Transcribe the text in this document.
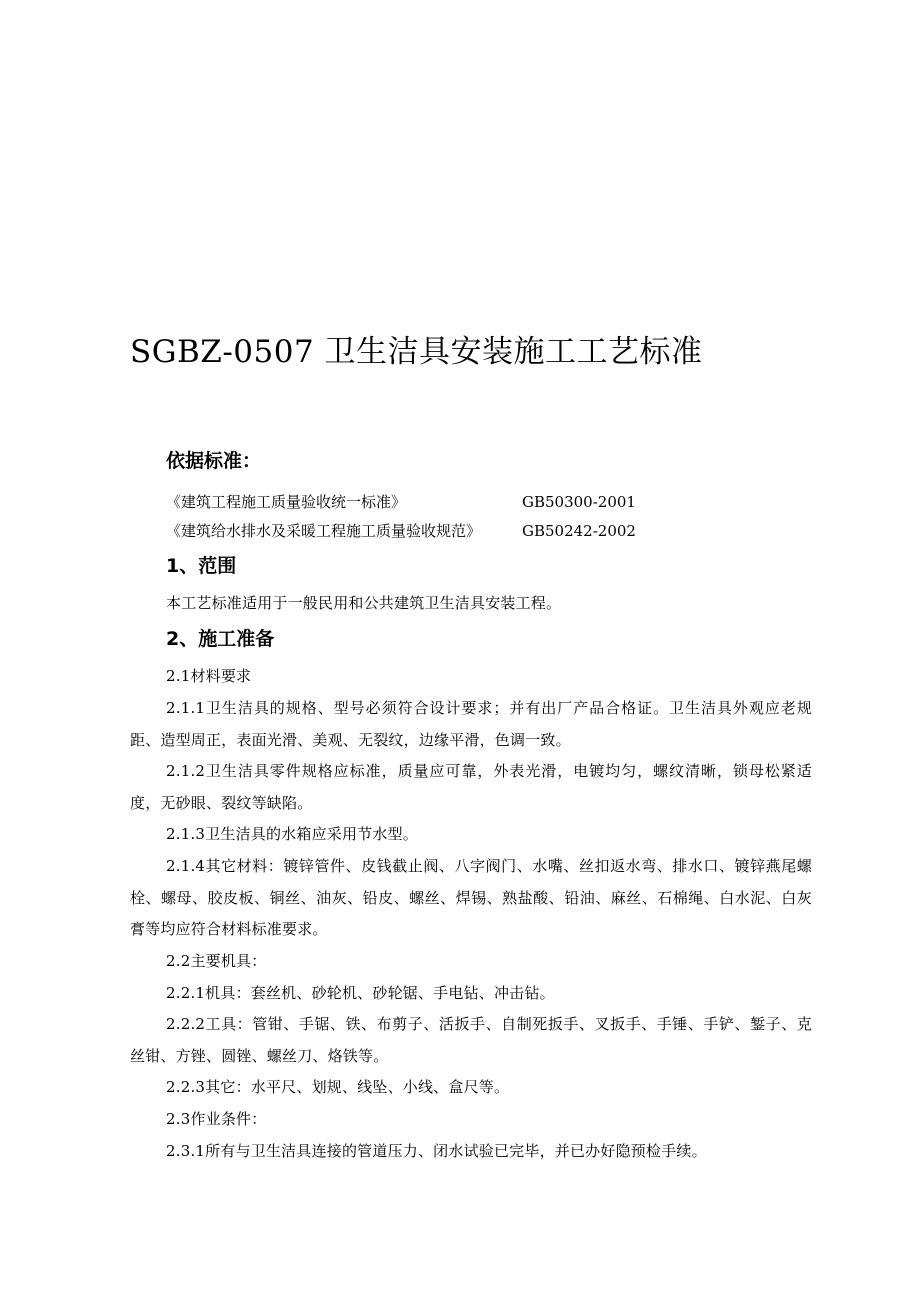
SGBZ-0507 卫生洁具安装施工工艺标准
依据标准：
《建筑工程施工质量验收统一标准》	GB50300-2001
《建筑给水排水及采暖工程施工质量验收规范》	GB50242-2002
1、范围

本工艺标准适用于一般民用和公共建筑卫生洁具安装工程。

2、施工准备

2.1材料要求

2.1.1卫生洁具的规格、型号必须符合设计要求；并有出厂产品合格证。卫生洁具外观应老规距、造型周正，表面光滑、美观、无裂纹，边缘平滑，色调一致。

2.1.2卫生洁具零件规格应标准，质量应可靠，外表光滑，电镀均匀，螺纹清晰，锁母松紧适度，无砂眼、裂纹等缺陷。

2.1.3卫生洁具的水箱应采用节水型。

2.1.4其它材料：镀锌管件、皮钱截止阀、八字阀门、水嘴、丝扣返水弯、排水口、镀锌燕尾螺栓、螺母、胶皮板、铜丝、油灰、铅皮、螺丝、焊锡、熟盐酸、铅油、麻丝、石棉绳、白水泥、白灰膏等均应符合材料标准要求。

2.2主要机具：

2.2.1机具：套丝机、砂轮机、砂轮锯、手电钻、冲击钻。

2.2.2工具：管钳、手锯、铁、布剪子、活扳手、自制死扳手、叉扳手、手锤、手铲、錾子、克丝钳、方锉、圆锉、螺丝刀、烙铁等。

2.2.3其它：水平尺、划规、线坠、小线、盒尺等。

2.3作业条件：

2.3.1所有与卫生洁具连接的管道压力、闭水试验已完毕，并已办好隐预检手续。
